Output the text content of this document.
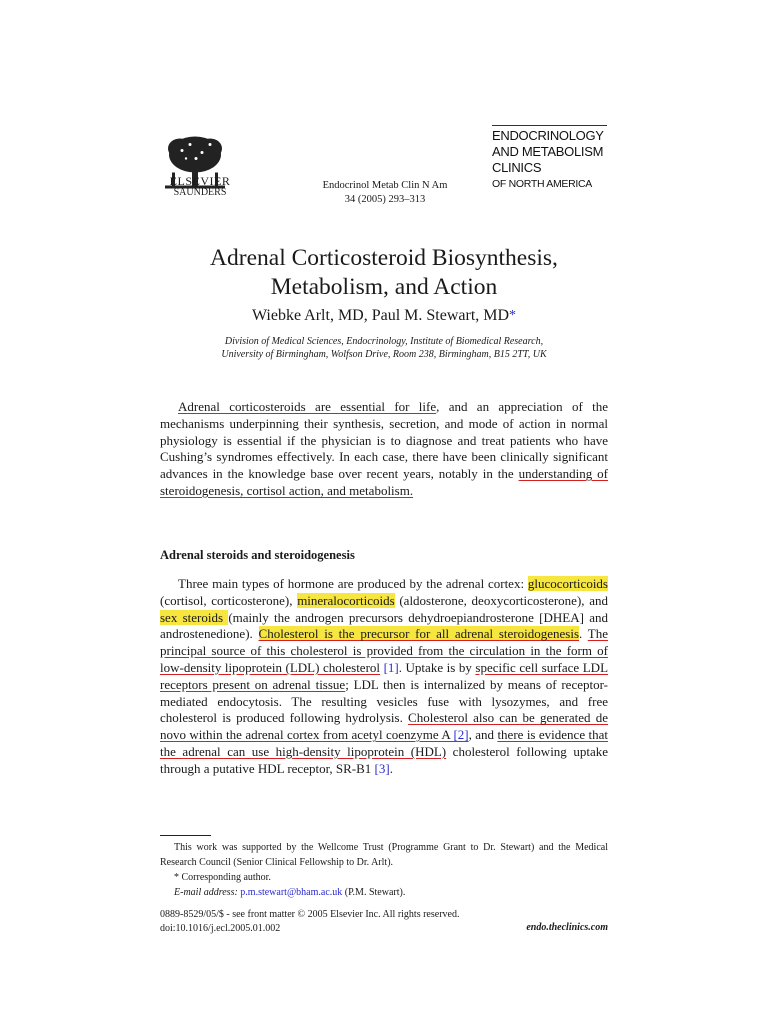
ELSEVIER
SAUNDERS
Endocrinol Metab Clin N Am
34 (2005) 293–313
ENDOCRINOLOGY
AND METABOLISM
CLINICS
OF NORTH AMERICA
Adrenal Corticosteroid Biosynthesis,
Metabolism, and Action
Wiebke Arlt, MD, Paul M. Stewart, MD*
Division of Medical Sciences, Endocrinology, Institute of Biomedical Research,
University of Birmingham, Wolfson Drive, Room 238, Birmingham, B15 2TT, UK
Adrenal corticosteroids are essential for life, and an appreciation of the mechanisms underpinning their synthesis, secretion, and mode of action in normal physiology is essential if the physician is to diagnose and treat patients who have Cushing’s syndromes effectively. In each case, there have been clinically significant advances in the knowledge base over recent years, notably in the understanding of steroidogenesis, cortisol action, and metabolism.
Adrenal steroids and steroidogenesis
Three main types of hormone are produced by the adrenal cortex: glucocorticoids (cortisol, corticosterone), mineralocorticoids (aldosterone, deoxycorticosterone), and sex steroids (mainly the androgen precursors dehydroepiandrosterone [DHEA] and androstenedione). Cholesterol is the precursor for all adrenal steroidogenesis. The principal source of this cholesterol is provided from the circulation in the form of low-density lipoprotein (LDL) cholesterol [1]. Uptake is by specific cell surface LDL receptors present on adrenal tissue; LDL then is internalized by means of receptor-mediated endocytosis. The resulting vesicles fuse with lysozymes, and free cholesterol is produced following hydrolysis. Cholesterol also can be generated de novo within the adrenal cortex from acetyl coenzyme A [2], and there is evidence that the adrenal can use high-density lipoprotein (HDL) cholesterol following uptake through a putative HDL receptor, SR-B1 [3].
This work was supported by the Wellcome Trust (Programme Grant to Dr. Stewart) and the Medical Research Council (Senior Clinical Fellowship to Dr. Arlt).
* Corresponding author.
E-mail address: p.m.stewart@bham.ac.uk (P.M. Stewart).
0889-8529/05/$ - see front matter © 2005 Elsevier Inc. All rights reserved.
doi:10.1016/j.ecl.2005.01.002	endo.theclinics.com
